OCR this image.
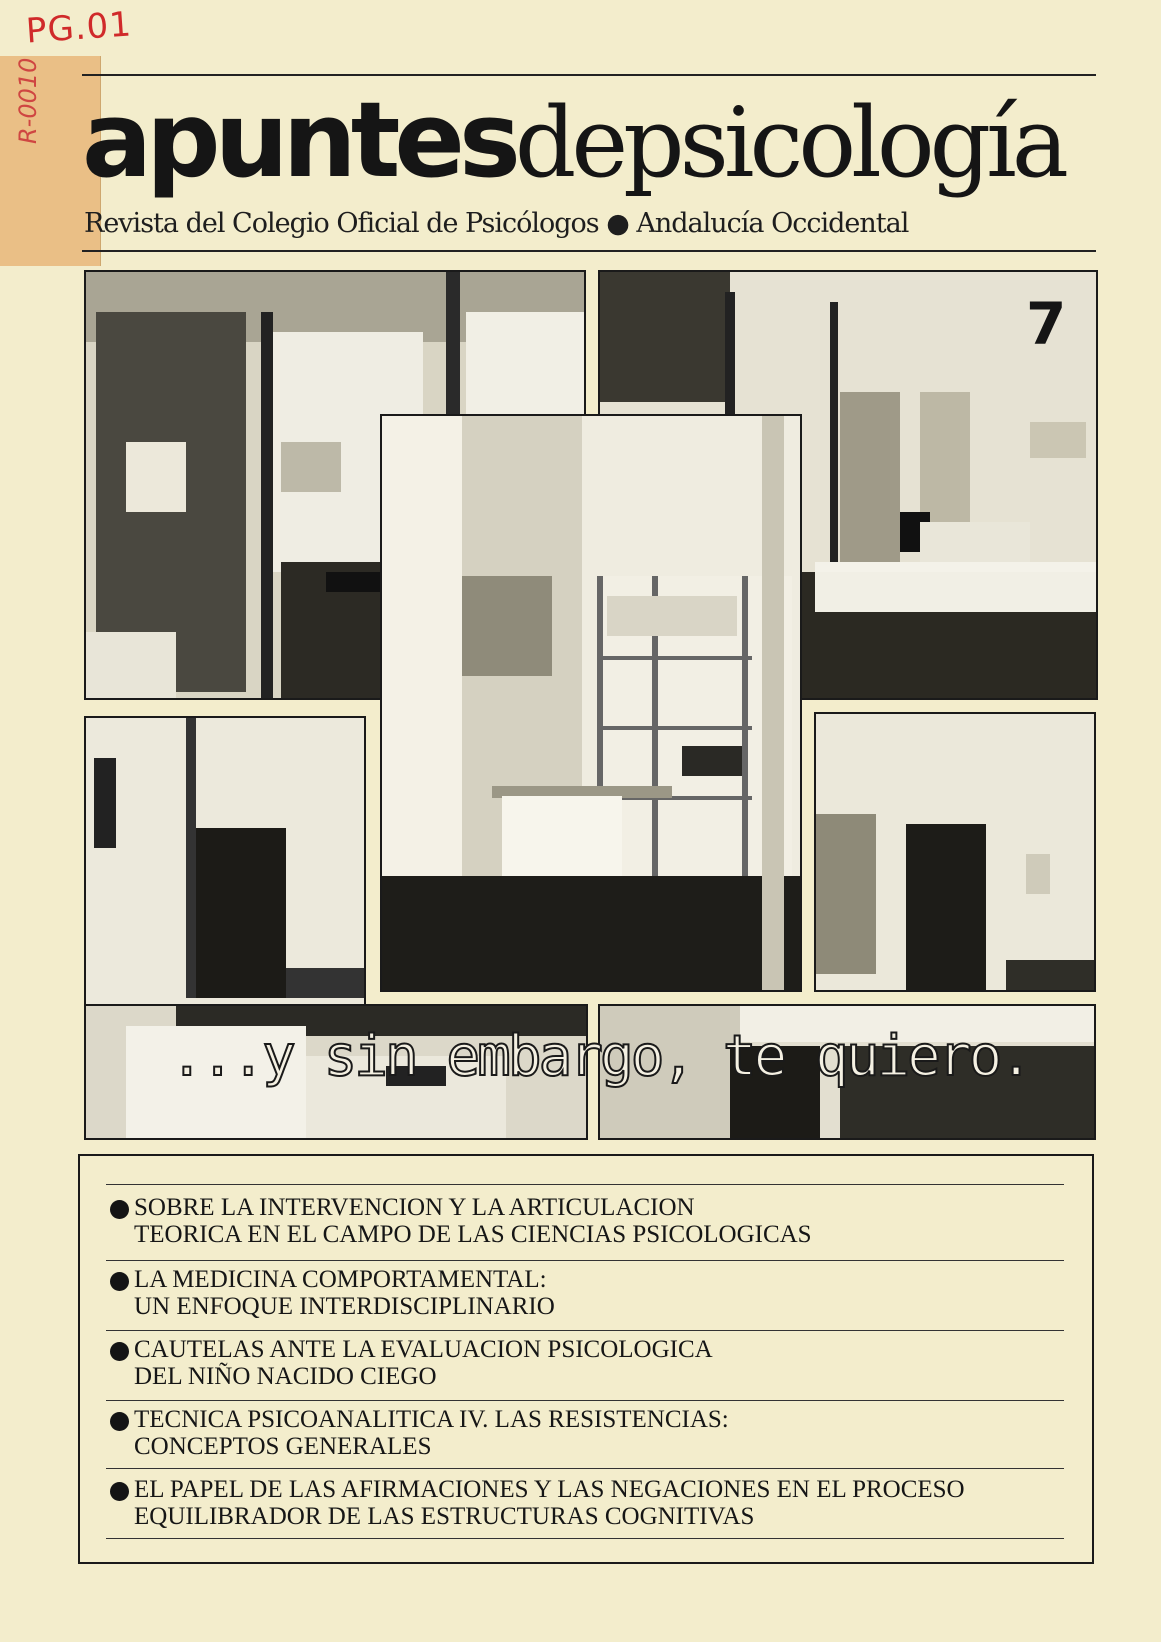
PG.01
R-0010 apuntesdepsicología
Revista del Colegio Oficial de Psicólogos ● Andalucía Occidental
7
...y sin embargo, te quiero.
SOBRE LA INTERVENCION Y LA ARTICULACION
TEORICA EN EL CAMPO DE LAS CIENCIAS PSICOLOGICAS
LA MEDICINA COMPORTAMENTAL:
UN ENFOQUE INTERDISCIPLINARIO
CAUTELAS ANTE LA EVALUACION PSICOLOGICA
DEL NIÑO NACIDO CIEGO
TECNICA PSICOANALITICA IV. LAS RESISTENCIAS:
CONCEPTOS GENERALES
EL PAPEL DE LAS AFIRMACIONES Y LAS NEGACIONES EN EL PROCESO
EQUILIBRADOR DE LAS ESTRUCTURAS COGNITIVAS
